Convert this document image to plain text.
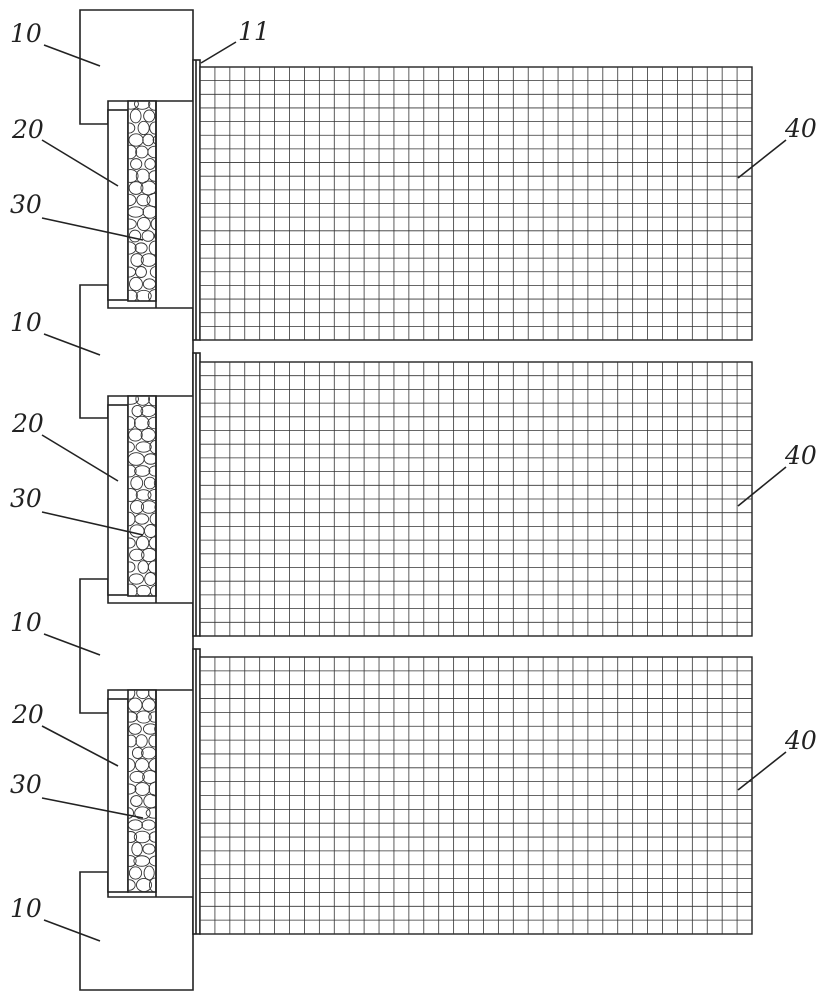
10	11
20
30
10
20
30
10
20
30
10
40
40
40
